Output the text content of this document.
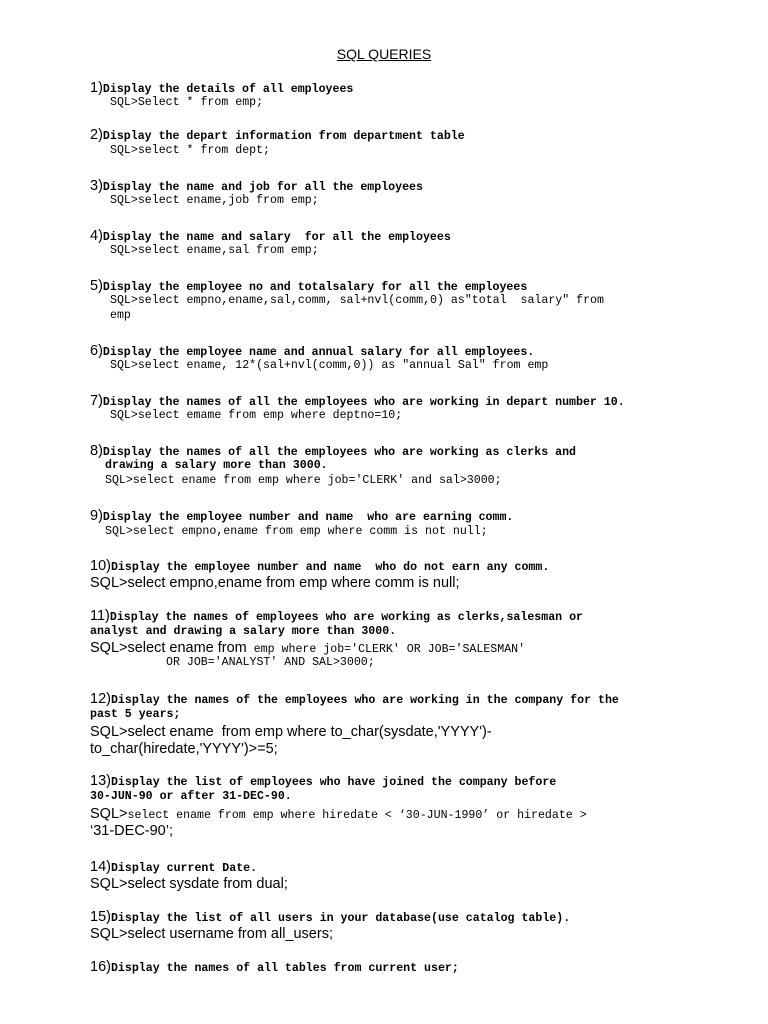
SQL QUERIES
1)Display the details of all employees
SQL>Select * from emp;
2)Display the depart information from department table
SQL>select * from dept;
3)Display the name and job for all the employees
SQL>select ename,job from emp;
4)Display the name and salary  for all the employees
SQL>select ename,sal from emp;
5)Display the employee no and totalsalary for all the employees
SQL>select empno,ename,sal,comm, sal+nvl(comm,0) as"total  salary" from
emp
6)Display the employee name and annual salary for all employees.
SQL>select ename, 12*(sal+nvl(comm,0)) as "annual Sal" from emp
7)Display the names of all the employees who are working in depart number 10.
SQL>select emame from emp where deptno=10;
8)Display the names of all the employees who are working as clerks and
drawing a salary more than 3000.
SQL>select ename from emp where job='CLERK' and sal>3000;
9)Display the employee number and name  who are earning comm.
SQL>select empno,ename from emp where comm is not null;
10)Display the employee number and name  who do not earn any comm.
SQL>select empno,ename from emp where comm is null;
11)Display the names of employees who are working as clerks,salesman or
analyst and drawing a salary more than 3000.
SQL>select ename from emp where job='CLERK' OR JOB='SALESMAN'
OR JOB='ANALYST' AND SAL>3000;
12)Display the names of the employees who are working in the company for the
past 5 years;
SQL>select ename  from emp where to_char(sysdate,'YYYY')-
to_char(hiredate,'YYYY')>=5;
13)Display the list of employees who have joined the company before
30-JUN-90 or after 31-DEC-90.
SQL>select ename from emp where hiredate < ‘30-JUN-1990’ or hiredate >
‘31-DEC-90’;
14)Display current Date.
SQL>select sysdate from dual;
15)Display the list of all users in your database(use catalog table).
SQL>select username from all_users;
16)Display the names of all tables from current user;
